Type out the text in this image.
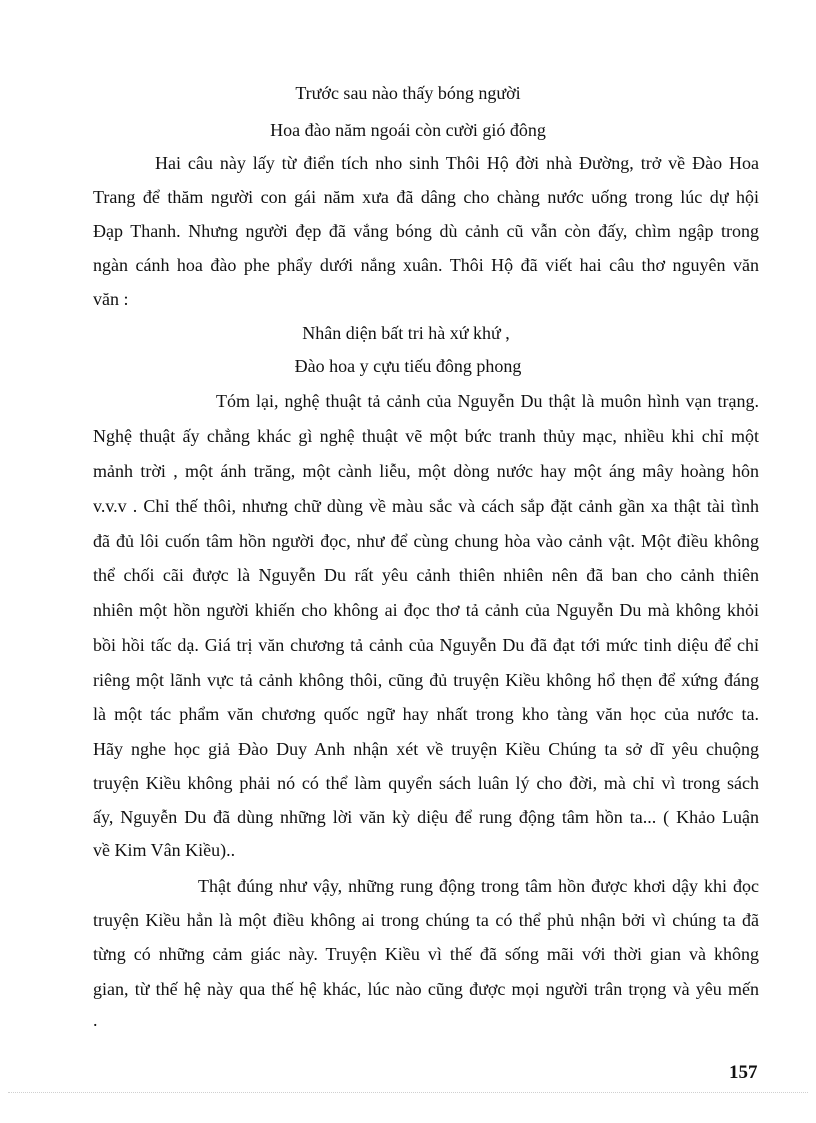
Trước sau nào thấy bóng người
Hoa đào năm ngoái còn cười gió đông
Hai câu này lấy từ điển tích nho sinh Thôi Hộ đời nhà Đường, trở về Đào Hoa
Trang để thăm người con gái năm xưa đã dâng cho chàng nước uống trong lúc dự hội
Đạp Thanh. Nhưng người đẹp đã vắng bóng dù cảnh cũ vẫn còn đấy, chìm ngập trong
ngàn cánh hoa đào phe phẩy dưới nắng xuân. Thôi Hộ đã viết hai câu thơ nguyên văn
văn :
Nhân diện bất tri hà xứ khứ ,
Đào hoa y cựu tiếu đông phong
Tóm lại, nghệ thuật tả cảnh của Nguyễn Du thật là muôn hình vạn trạng.
Nghệ thuật ấy chẳng khác gì nghệ thuật vẽ một bức tranh thủy mạc, nhiều khi chỉ một
mảnh trời , một ánh trăng, một cành liễu, một dòng nước hay một áng mây hoàng hôn
v.v.v . Chỉ thế thôi, nhưng chữ dùng về màu sắc và cách sắp đặt cảnh gần xa thật tài tình
đã đủ lôi cuốn tâm hồn người đọc, như để cùng chung hòa vào cảnh vật. Một điều không
thể chối cãi được là Nguyễn Du rất yêu cảnh thiên nhiên nên đã ban cho cảnh thiên
nhiên một hồn người khiến cho không ai đọc thơ tả cảnh của Nguyễn Du mà không khỏi
bồi hồi tấc dạ. Giá trị văn chương tả cảnh của Nguyễn Du đã đạt tới mức tinh diệu để chỉ
riêng một lãnh vực tả cảnh không thôi, cũng đủ truyện Kiều không hổ thẹn để xứng đáng
là một tác phẩm văn chương quốc ngữ hay nhất trong kho tàng văn học của nước ta.
Hãy nghe học giả Đào Duy Anh nhận xét về truyện Kiều Chúng ta sở dĩ yêu chuộng
truyện Kiều không phải nó có thể làm quyển sách luân lý cho đời, mà chỉ vì trong sách
ấy, Nguyễn Du đã dùng những lời văn kỳ diệu để rung động tâm hồn ta... ( Khảo Luận
về Kim Vân Kiều)..
Thật đúng như vậy, những rung động trong tâm hồn được khơi dậy khi đọc
truyện Kiều hẳn là một điều không ai trong chúng ta có thể phủ nhận bởi vì chúng ta đã
từng có những cảm giác này. Truyện Kiều vì thế đã sống mãi với thời gian và không
gian, từ thế hệ này qua thế hệ khác, lúc nào cũng được mọi người trân trọng và yêu mến
.
157
